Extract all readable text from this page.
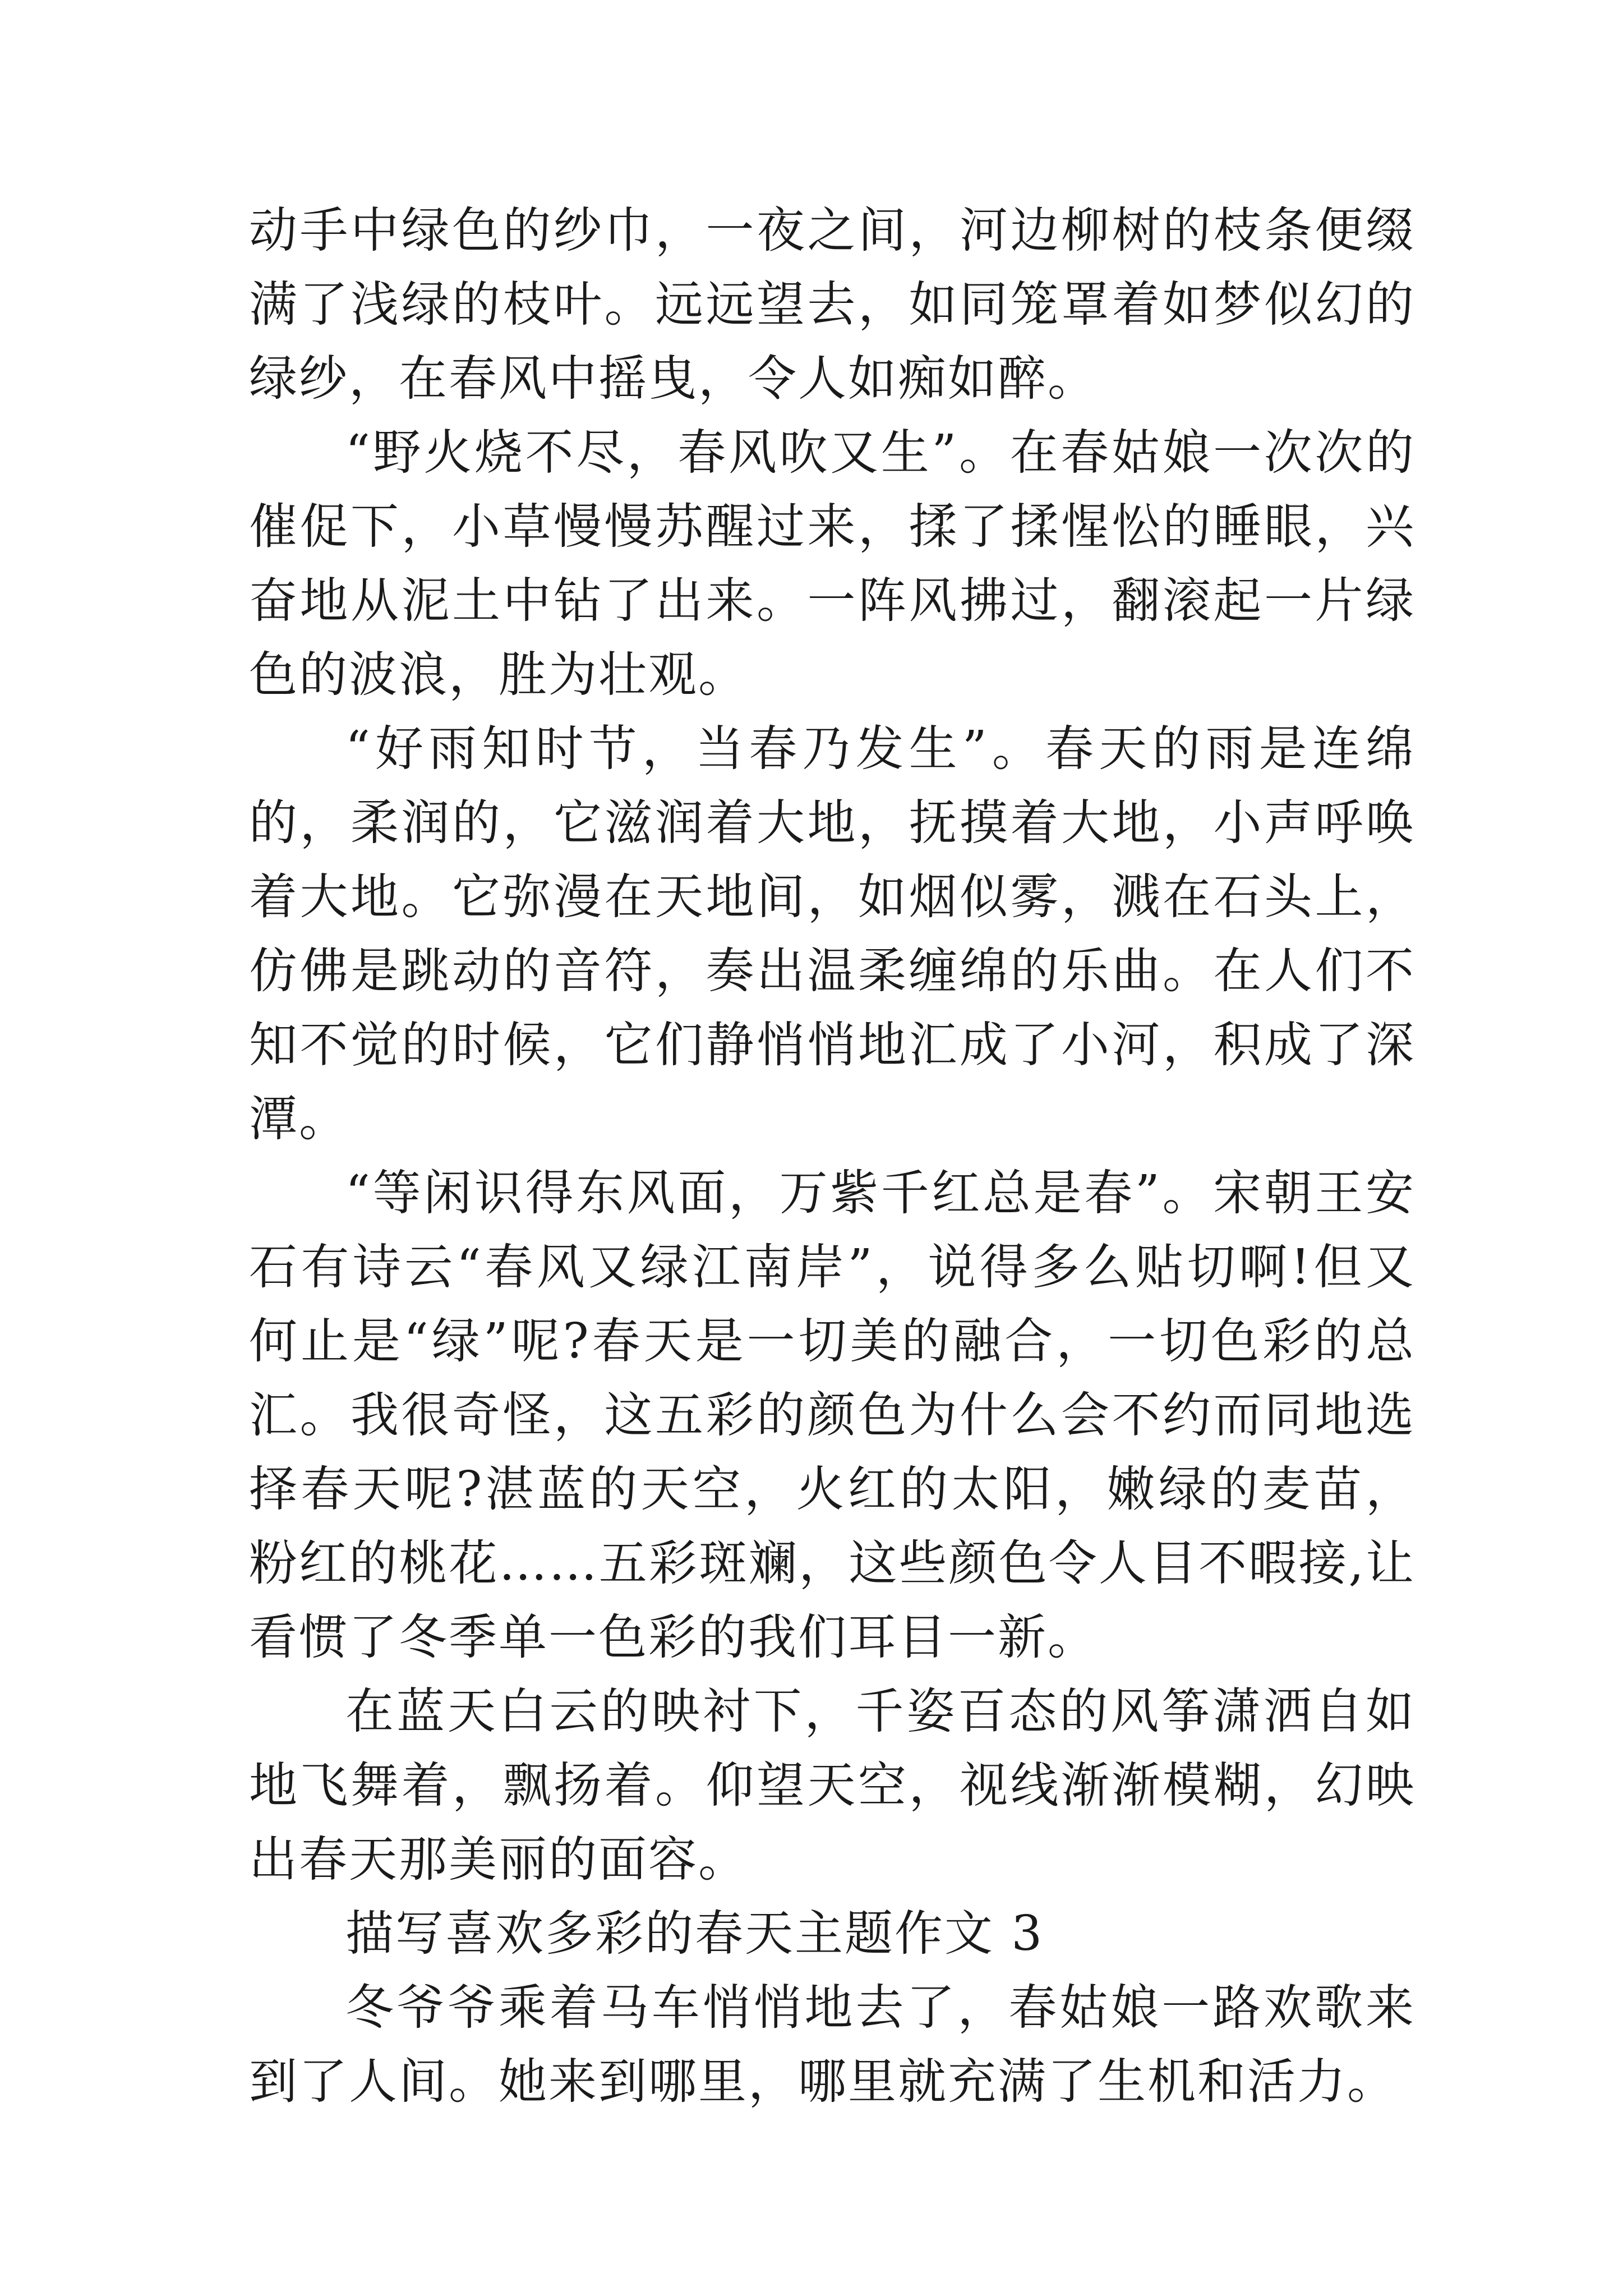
动手中绿色的纱巾，一夜之间，河边柳树的枝条便缀满了浅绿的枝叶。远远望去，如同笼罩着如梦似幻的绿纱，在春风中摇曳，令人如痴如醉。

“野火烧不尽，春风吹又生”。在春姑娘一次次的催促下，小草慢慢苏醒过来，揉了揉惺忪的睡眼，兴奋地从泥土中钻了出来。一阵风拂过，翻滚起一片绿色的波浪，胜为壮观。

“好雨知时节，当春乃发生”。春天的雨是连绵的，柔润的，它滋润着大地，抚摸着大地，小声呼唤着大地。它弥漫在天地间，如烟似雾，溅在石头上，仿佛是跳动的音符，奏出温柔缠绵的乐曲。在人们不知不觉的时候，它们静悄悄地汇成了小河，积成了深潭。

“等闲识得东风面，万紫千红总是春”。宋朝王安石有诗云“春风又绿江南岸”，说得多么贴切啊!但又何止是“绿”呢?春天是一切美的融合，一切色彩的总汇。我很奇怪，这五彩的颜色为什么会不约而同地选择春天呢?湛蓝的天空，火红的太阳，嫩绿的麦苗，粉红的桃花……五彩斑斓，这些颜色令人目不暇接,让看惯了冬季单一色彩的我们耳目一新。

在蓝天白云的映衬下，千姿百态的风筝潇洒自如地飞舞着，飘扬着。仰望天空，视线渐渐模糊，幻映出春天那美丽的面容。

描写喜欢多彩的春天主题作文 3

冬爷爷乘着马车悄悄地去了，春姑娘一路欢歌来到了人间。她来到哪里，哪里就充满了生机和活力。
